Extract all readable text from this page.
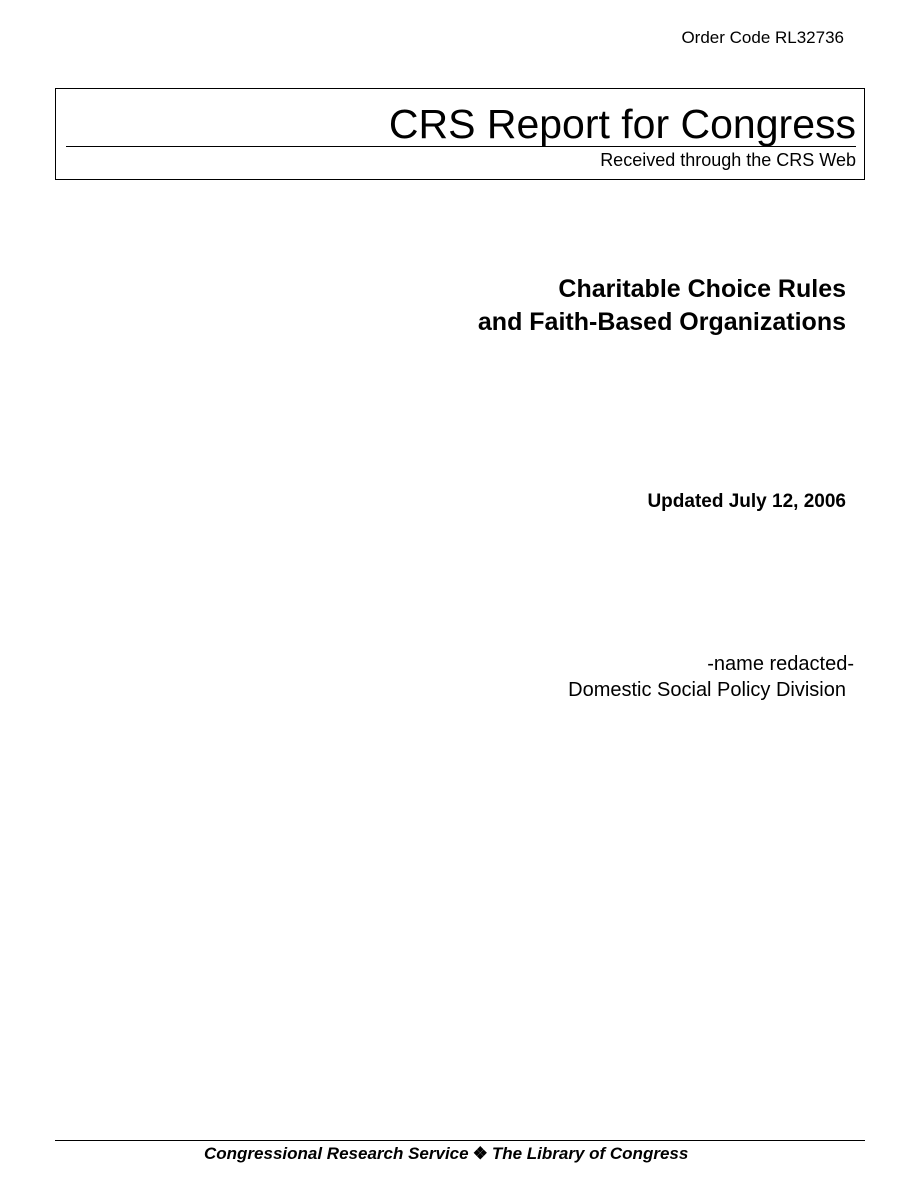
Order Code RL32736
CRS Report for Congress
Received through the CRS Web
Charitable Choice Rules
and Faith-Based Organizations
Updated July 12, 2006
-name redacted-
Domestic Social Policy Division
Congressional Research Service ❖ The Library of Congress
